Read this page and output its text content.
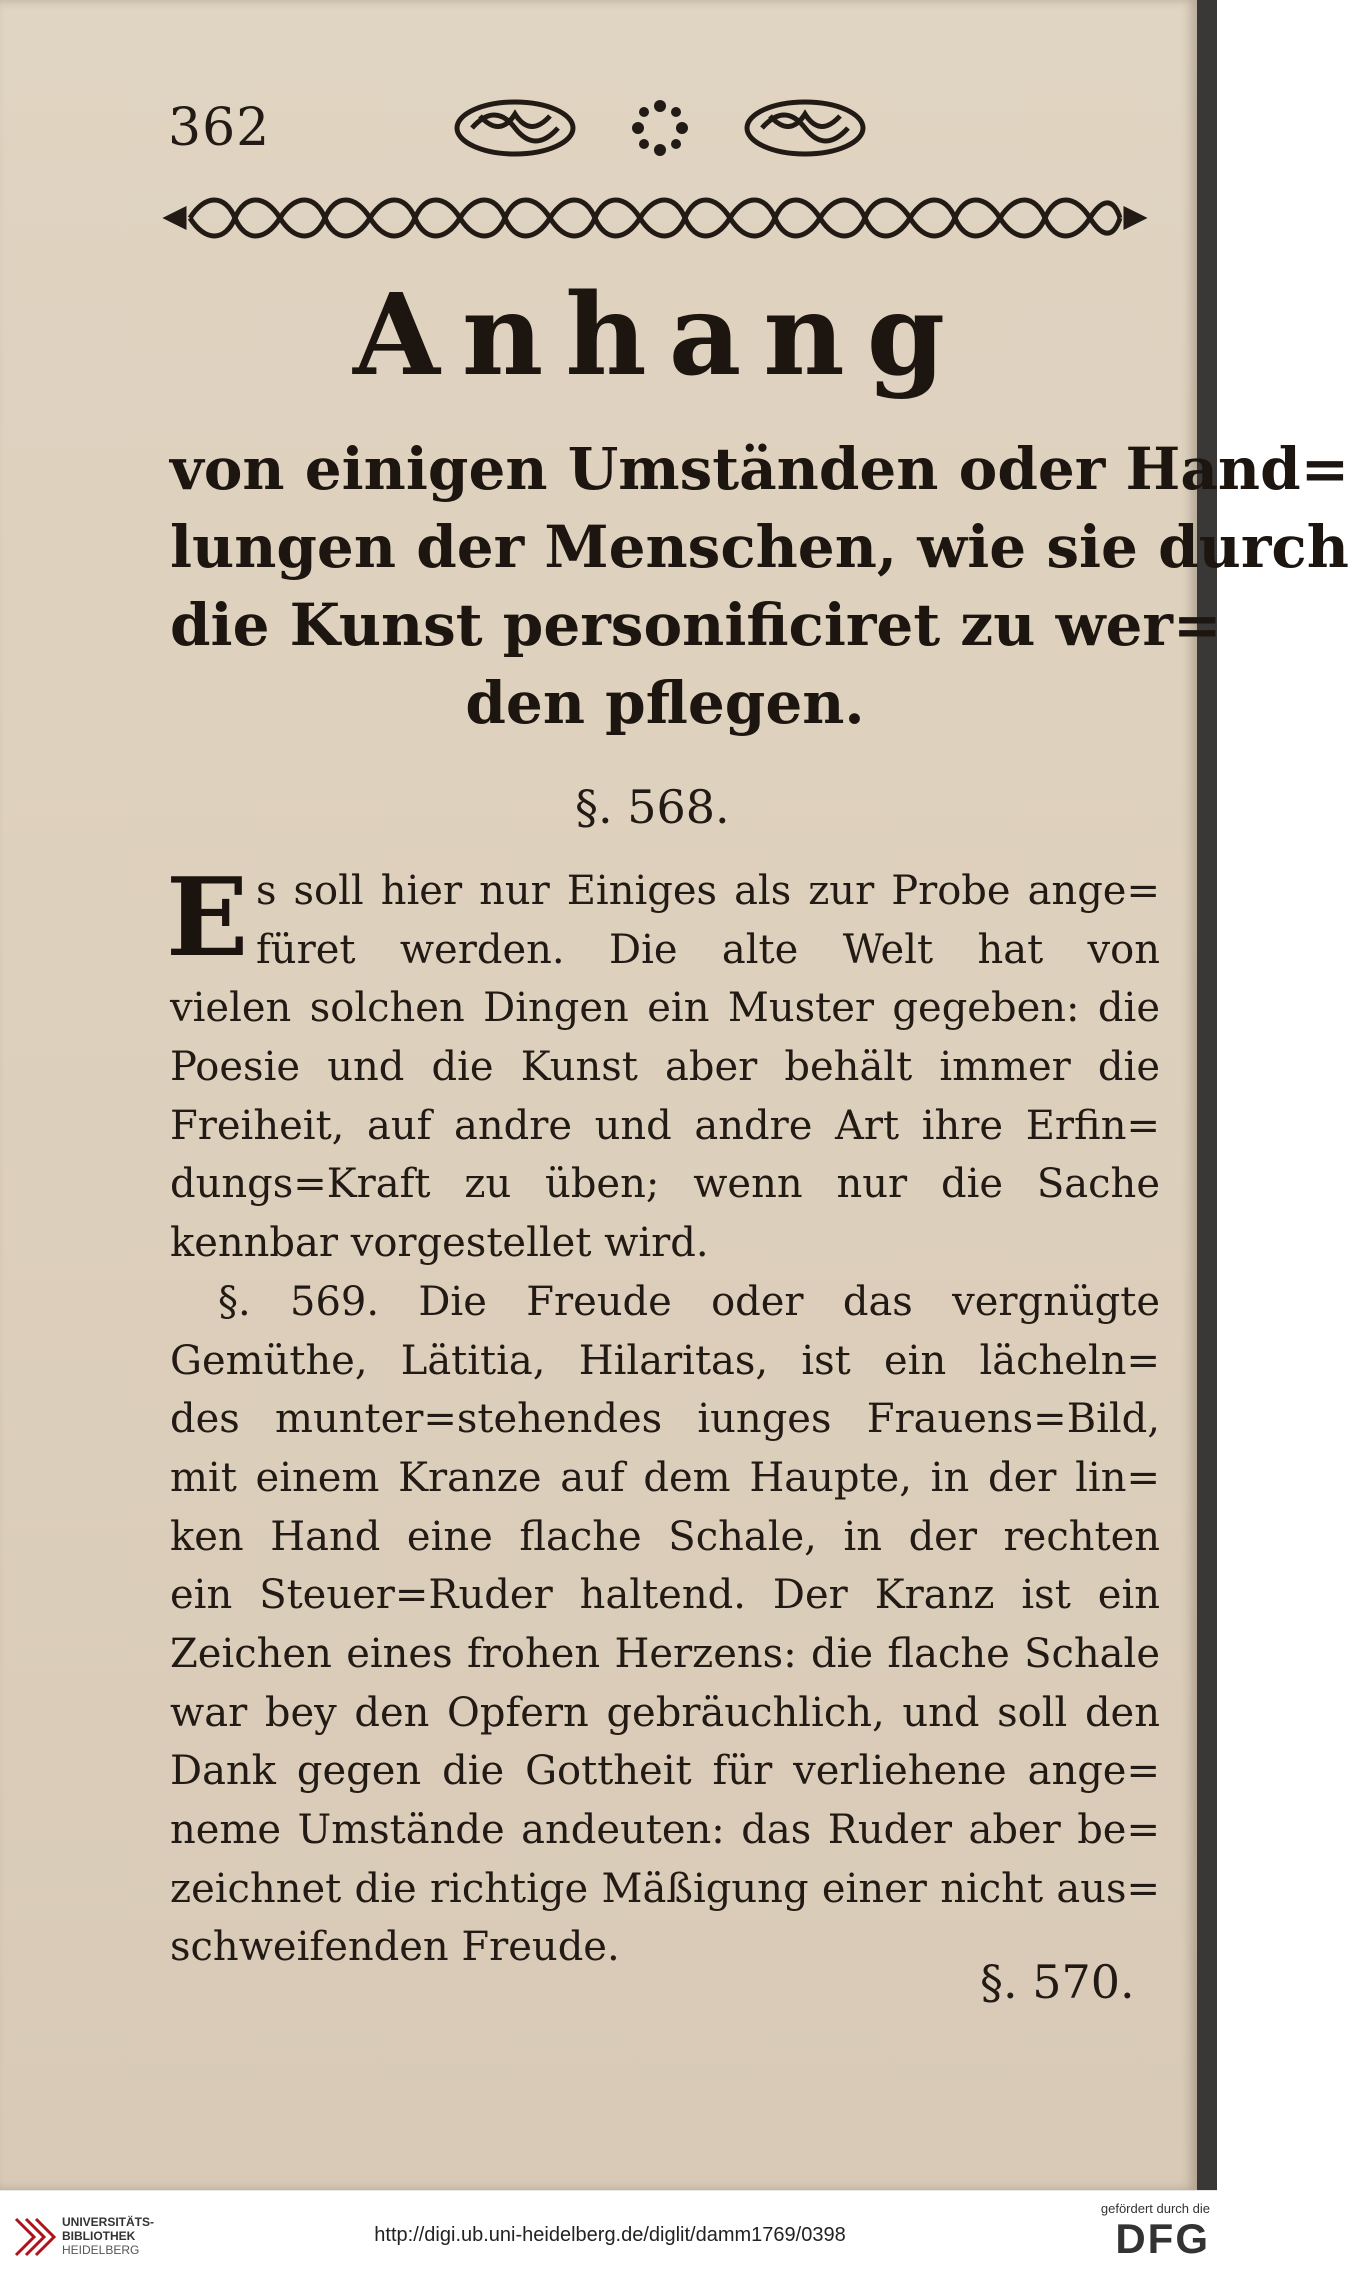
362
Anhang
von einigen Umständen oder Hand=
lungen der Menschen, wie sie durch
die Kunst personificiret zu wer=
den pflegen.
§. 568.
E s soll hier nur Einiges als zur Probe ange=
füret werden. Die alte Welt hat von
vielen solchen Dingen ein Muster gegeben: die
Poesie und die Kunst aber behält immer die
Freiheit, auf andre und andre Art ihre Erfin=
dungs=Kraft zu üben; wenn nur die Sache
kennbar vorgestellet wird.
§. 569. Die Freude oder das vergnügte
Gemüthe, Lätitia, Hilaritas, ist ein lächeln=
des munter=stehendes iunges Frauens=Bild,
mit einem Kranze auf dem Haupte, in der lin=
ken Hand eine flache Schale, in der rechten
ein Steuer=Ruder haltend. Der Kranz ist ein
Zeichen eines frohen Herzens: die flache Schale
war bey den Opfern gebräuchlich, und soll den
Dank gegen die Gottheit für verliehene ange=
neme Umstände andeuten: das Ruder aber be=
zeichnet die richtige Mäßigung einer nicht aus=
schweifenden Freude.
§. 570.
UNIVERSITÄTS-
BIBLIOTHEK
HEIDELBERG
http://digi.ub.uni-heidelberg.de/diglit/damm1769/0398
gefördert durch die
DFG
